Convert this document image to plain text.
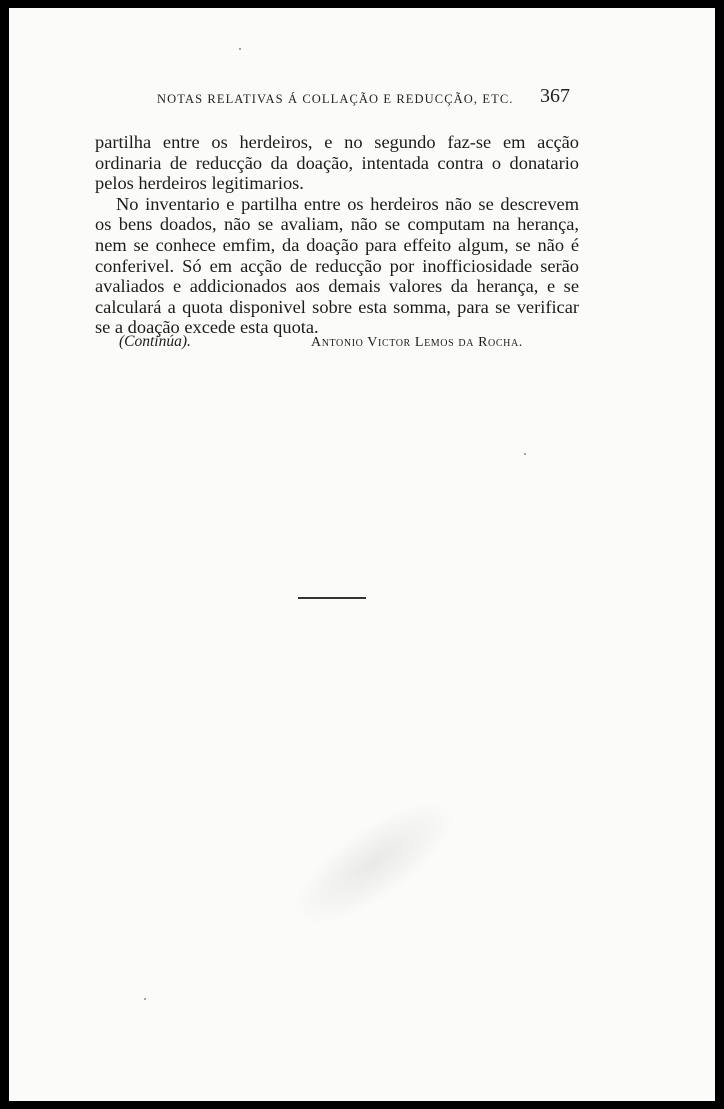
NOTAS RELATIVAS Á COLLAÇÃO E REDUCÇÃO, ETC. 367

partilha entre os herdeiros, e no segundo faz-se em acção ordinaria de reducção da doação, intentada contra o donatario pelos herdeiros legitimarios.

No inventario e partilha entre os herdeiros não se descrevem os bens doados, não se avaliam, não se computam na herança, nem se conhece emfim, da doação para effeito algum, se não é conferivel. Só em acção de reducção por inofficiosidade serão avaliados e addicionados aos demais valores da herança, e se calculará a quota disponivel sobre esta somma, para se verificar se a doação excede esta quota.

(Continúa).	Antonio Victor Lemos da Rocha.
